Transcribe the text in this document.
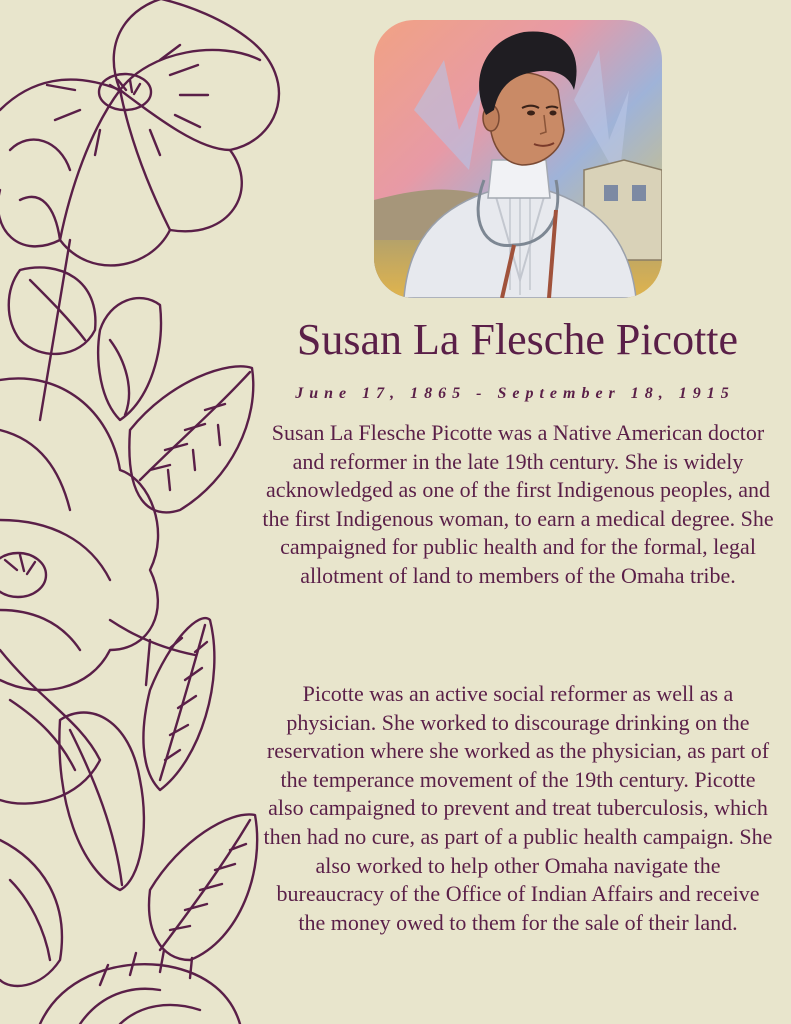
Susan La Flesche Picotte
June 17, 1865 - September 18, 1915

Susan La Flesche Picotte was a Native American doctor and reformer in the late 19th century. She is widely acknowledged as one of the first Indigenous peoples, and the first Indigenous woman, to earn a medical degree. She campaigned for public health and for the formal, legal allotment of land to members of the Omaha tribe.

Picotte was an active social reformer as well as a physician. She worked to discourage drinking on the reservation where she worked as the physician, as part of the temperance movement of the 19th century. Picotte also campaigned to prevent and treat tuberculosis, which then had no cure, as part of a public health campaign. She also worked to help other Omaha navigate the bureaucracy of the Office of Indian Affairs and receive the money owed to them for the sale of their land.
